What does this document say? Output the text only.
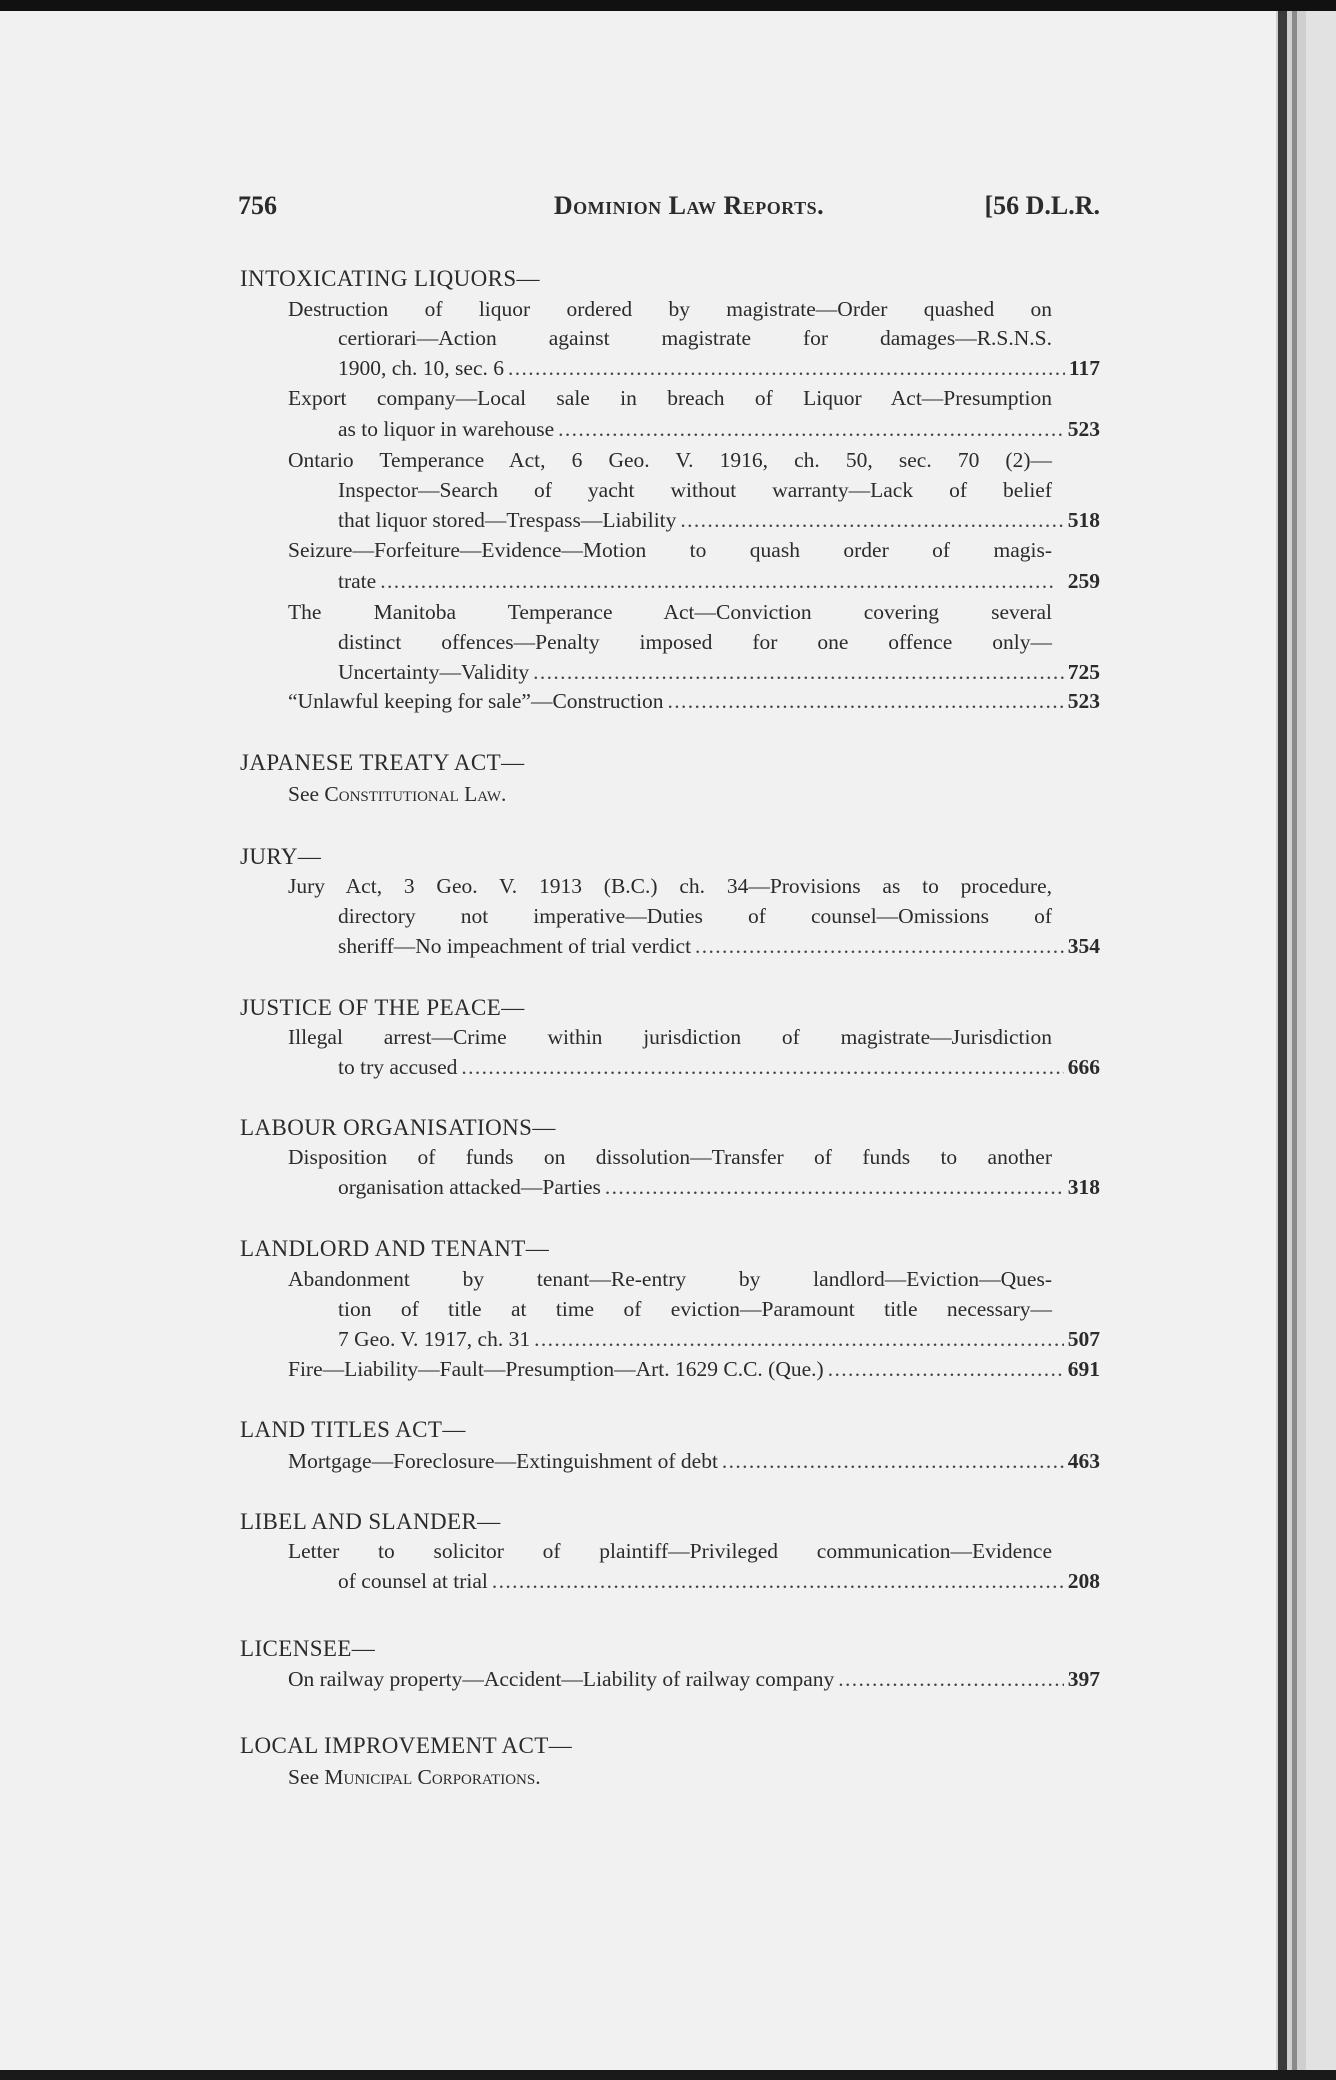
756	Dominion Law Reports.	[56 D.L.R.
INTOXICATING LIQUORS—
Destruction of liquor ordered by magistrate—Order quashed on
certiorari—Action against magistrate for damages—R.S.N.S.
1900, ch. 10, sec. 6 . . .	117
Export company—Local sale in breach of Liquor Act—Presumption
as to liquor in warehouse . . .	523
Ontario Temperance Act, 6 Geo. V. 1916, ch. 50, sec. 70 (2)—
Inspector—Search of yacht without warranty—Lack of belief
that liquor stored—Trespass—Liability . . .	518
Seizure—Forfeiture—Evidence—Motion to quash order of magis-
trate . . .	259
The Manitoba Temperance Act—Conviction covering several
distinct offences—Penalty imposed for one offence only—
Uncertainty—Validity . . .	725
“Unlawful keeping for sale”—Construction . . .	523
JAPANESE TREATY ACT—
See Constitutional Law.
JURY—
Jury Act, 3 Geo. V. 1913 (B.C.) ch. 34—Provisions as to procedure,
directory not imperative—Duties of counsel—Omissions of
sheriff—No impeachment of trial verdict . . .	354
JUSTICE OF THE PEACE—
Illegal arrest—Crime within jurisdiction of magistrate—Jurisdiction
to try accused . . .	666
LABOUR ORGANISATIONS—
Disposition of funds on dissolution—Transfer of funds to another
organisation attacked—Parties . . .	318
LANDLORD AND TENANT—
Abandonment by tenant—Re-entry by landlord—Eviction—Ques-
tion of title at time of eviction—Paramount title necessary—
7 Geo. V. 1917, ch. 31 . . .	507
Fire—Liability—Fault—Presumption—Art. 1629 C.C. (Que.) . . .	691
LAND TITLES ACT—
Mortgage—Foreclosure—Extinguishment of debt . . .	463
LIBEL AND SLANDER—
Letter to solicitor of plaintiff—Privileged communication—Evidence
of counsel at trial . . .	208
LICENSEE—
On railway property—Accident—Liability of railway company . . .	397
LOCAL IMPROVEMENT ACT—
See Municipal Corporations.
